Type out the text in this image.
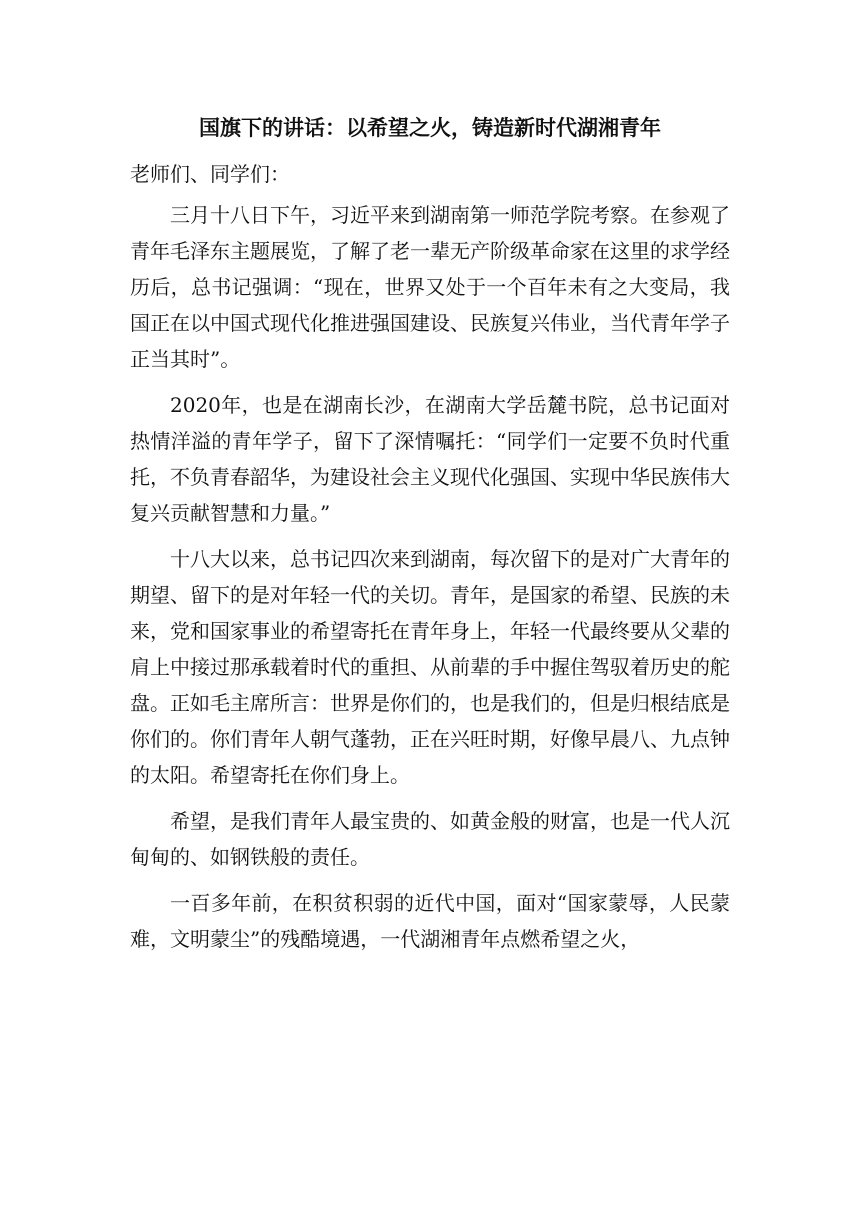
国旗下的讲话：以希望之火，铸造新时代湖湘青年
老师们、同学们：

三月十八日下午，习近平来到湖南第一师范学院考察。在参观了青年毛泽东主题展览，了解了老一辈无产阶级革命家在这里的求学经历后，总书记强调：“现在，世界又处于一个百年未有之大变局，我国正在以中国式现代化推进强国建设、民族复兴伟业，当代青年学子正当其时”。

2020年，也是在湖南长沙，在湖南大学岳麓书院，总书记面对热情洋溢的青年学子，留下了深情嘱托：“同学们一定要不负时代重托，不负青春韶华，为建设社会主义现代化强国、实现中华民族伟大复兴贡献智慧和力量。”

十八大以来，总书记四次来到湖南，每次留下的是对广大青年的期望、留下的是对年轻一代的关切。青年，是国家的希望、民族的未来，党和国家事业的希望寄托在青年身上，年轻一代最终要从父辈的肩上中接过那承载着时代的重担、从前辈的手中握住驾驭着历史的舵盘。正如毛主席所言：世界是你们的，也是我们的，但是归根结底是你们的。你们青年人朝气蓬勃，正在兴旺时期，好像早晨八、九点钟的太阳。希望寄托在你们身上。

希望，是我们青年人最宝贵的、如黄金般的财富，也是一代人沉甸甸的、如钢铁般的责任。

一百多年前，在积贫积弱的近代中国，面对“国家蒙辱，人民蒙难，文明蒙尘”的残酷境遇，一代湖湘青年点燃希望之火，
